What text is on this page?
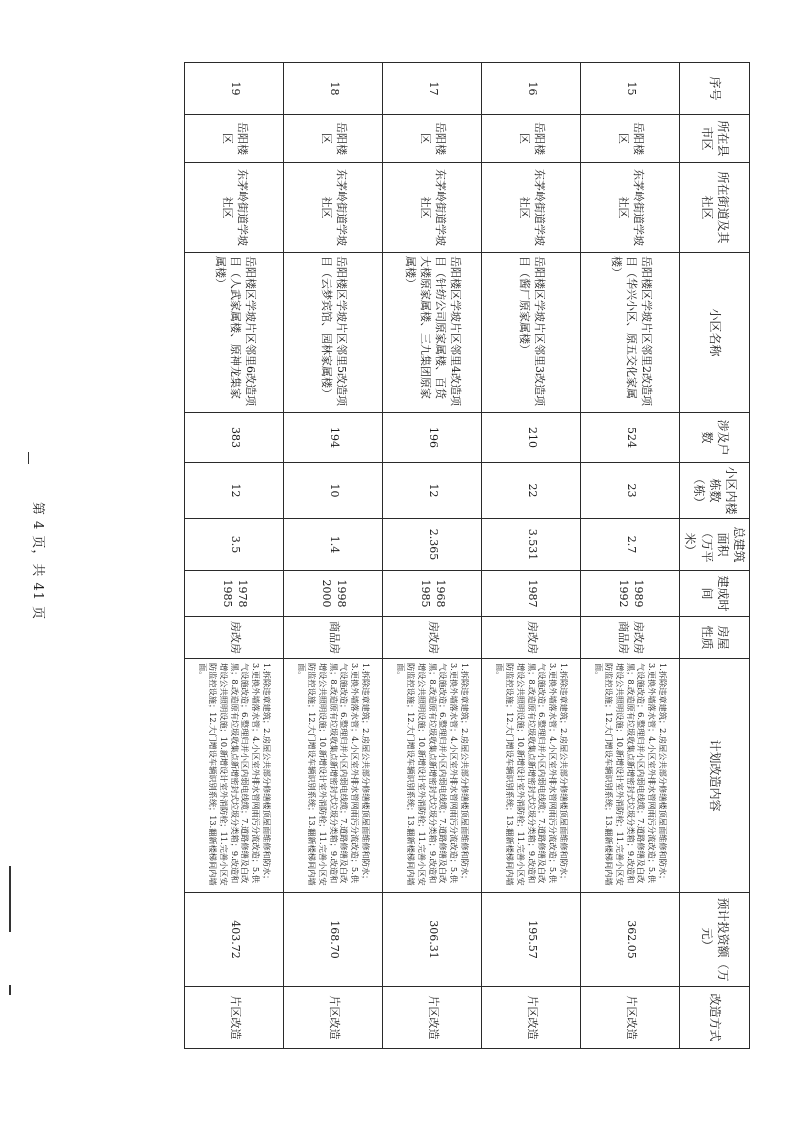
序号	所在县市区	所在街道及其社区	小区名称	涉及户数	小区内楼栋数（栋）	总建筑面积（万平米）	建成时间	房屋性质	计划改造内容	预计投资额（万元）	改造方式
15	岳阳楼区	东茅岭街道学坡社区	岳阳楼区学坡片区邻里2改造项目（华兴小区、原五交化家属楼）	524	23	2.7	1989 1992	房改房商品房	1.拆除违章建筑；2.房屋公共部分修缮楼顶屋面维修和防水；3.更换外墙落水管；4.小区室外排水管网雨污分流改造；5.供气设施改造；6.整理归并小区内弱电线缆；7.道路修缮及白改黑；8.改造原有垃圾收集点新增密封式垃圾分类箱；9.改造和增设公共照明设施；10.新增设计室外消防栓；11.完善小区安防监控设施；12.大门增设车辆识别系统；13.翻新楼梯间内墙面。	362.05	片区改造
16	岳阳楼区	东茅岭街道学坡社区	岳阳楼区学坡片区邻里3改造项目（酱厂原家属楼）	210	22	3.531	1987	房改房	1.拆除违章建筑；2.房屋公共部分修缮楼顶屋面维修和防水；3.更换外墙落水管；4.小区室外排水管网雨污分流改造；5.供气设施改造；6.整理归并小区内弱电线缆；7.道路修缮及白改黑；8.改造原有垃圾收集点新增密封式垃圾分类箱；9.改造和增设公共照明设施；10.新增设计室外消防栓；11.完善小区安防监控设施；12.大门增设车辆识别系统；13.翻新楼梯间内墙面。	195.57	片区改造
17	岳阳楼区	东茅岭街道学坡社区	岳阳楼区学坡片区邻里4改造项目（针纺公司原家属楼、百货大楼原家属楼、三九集团原家属楼）	196	12	2.365	1968 1985	房改房	1.拆除违章建筑；2.房屋公共部分修缮楼顶屋面维修和防水；3.更换外墙落水管；4.小区室外排水管网雨污分流改造；5.供气设施改造；6.整理归并小区内弱电线缆；7.道路修缮及白改黑；8.改造原有垃圾收集点新增密封式垃圾分类箱；9.改造和增设公共照明设施；10.新增设计室外消防栓；11.完善小区安防监控设施；12.大门增设车辆识别系统；13.翻新楼梯间内墙面。	306.31	片区改造
18	岳阳楼区	东茅岭街道学坡社区	岳阳楼区学坡片区邻里5改造项目（云梦宾馆、园林家属楼）	194	10	1.4	1998 2000	商品房	1.拆除违章建筑；2.房屋公共部分修缮楼顶屋面维修和防水；3.更换外墙落水管；4.小区室外排水管网雨污分流改造；5.供气设施改造；6.整理归并小区内弱电线缆；7.道路修缮及白改黑；8.改造原有垃圾收集点新增密封式垃圾分类箱；9.改造和增设公共照明设施；10.新增设计室外消防栓；11.完善小区安防监控设施；12.大门增设车辆识别系统；13.翻新楼梯间内墙面。	168.70	片区改造
19	岳阳楼区	东茅岭街道学坡社区	岳阳楼区学坡片区邻里6改造项目（人武家属楼、原神龙集家属楼）	383	12	3.5	1978 1985	房改房	1.拆除违章建筑；2.房屋公共部分修缮楼顶屋面维修和防水；3.更换外墙落水管；4.小区室外排水管网雨污分流改造；5.供气设施改造；6.整理归并小区内弱电线缆；7.道路修缮及白改黑；8.改造原有垃圾收集点新增密封式垃圾分类箱；9.改造和增设公共照明设施；10.新增设计室外消防栓；11.完善小区安防监控设施；12.大门增设车辆识别系统；13.翻新楼梯间内墙面。	403.72	片区改造
第 4 页，共 41 页
